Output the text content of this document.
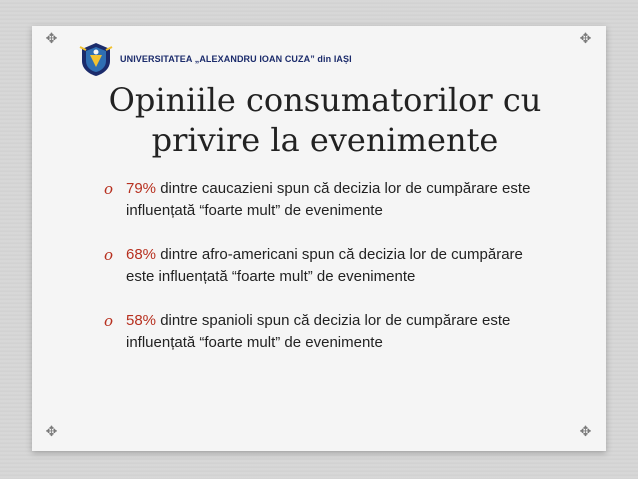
✥	✥
✥	✥
UNIVERSITATEA „ALEXANDRU IOAN CUZA” din IAȘI
Opiniile consumatorilor cu
privire la evenimente
o 79% dintre caucazieni spun că decizia lor de cumpărare este influențată “foarte mult” de evenimente
o 68% dintre afro-americani spun că decizia lor de cumpărare este influențată “foarte mult” de evenimente
o 58% dintre spanioli spun că decizia lor de cumpărare este influențată “foarte mult” de evenimente
